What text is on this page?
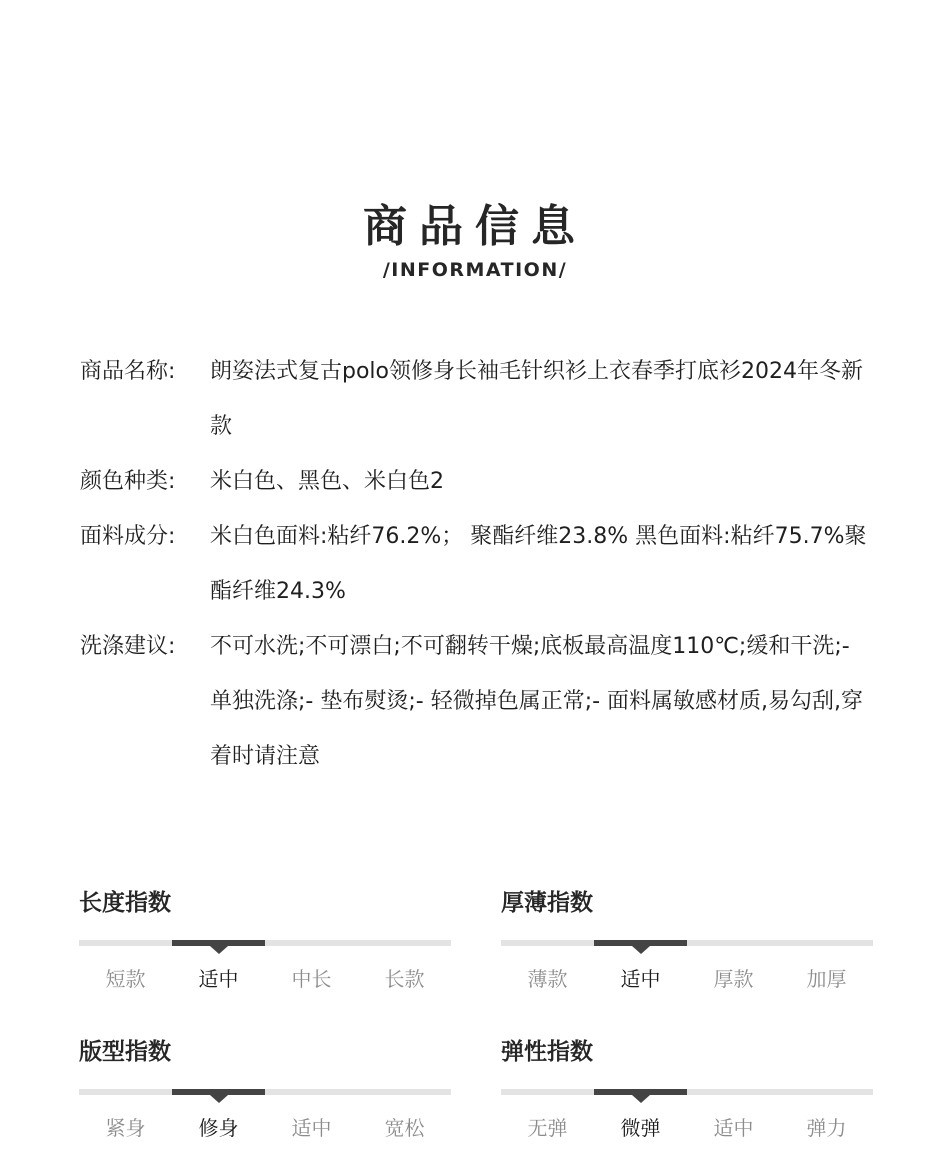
商品信息
/INFORMATION/
商品名称:	朗姿法式复古polo领修身长袖毛针织衫上衣春季打底衫2024年冬新款
颜色种类:	米白色、黑色、米白色2
面料成分:	米白色面料:粘纤76.2%； 聚酯纤维23.8% 黑色面料:粘纤75.7%聚酯纤维24.3%
洗涤建议:	不可水洗;不可漂白;不可翻转干燥;底板最高温度110℃;缓和干洗;- 单独洗涤;- 垫布熨烫;- 轻微掉色属正常;- 面料属敏感材质,易勾刮,穿着时请注意
长度指数
短款	适中	中长	长款
厚薄指数
薄款	适中	厚款	加厚
版型指数
紧身	修身	适中	宽松
弹性指数
无弹	微弹	适中	弹力
